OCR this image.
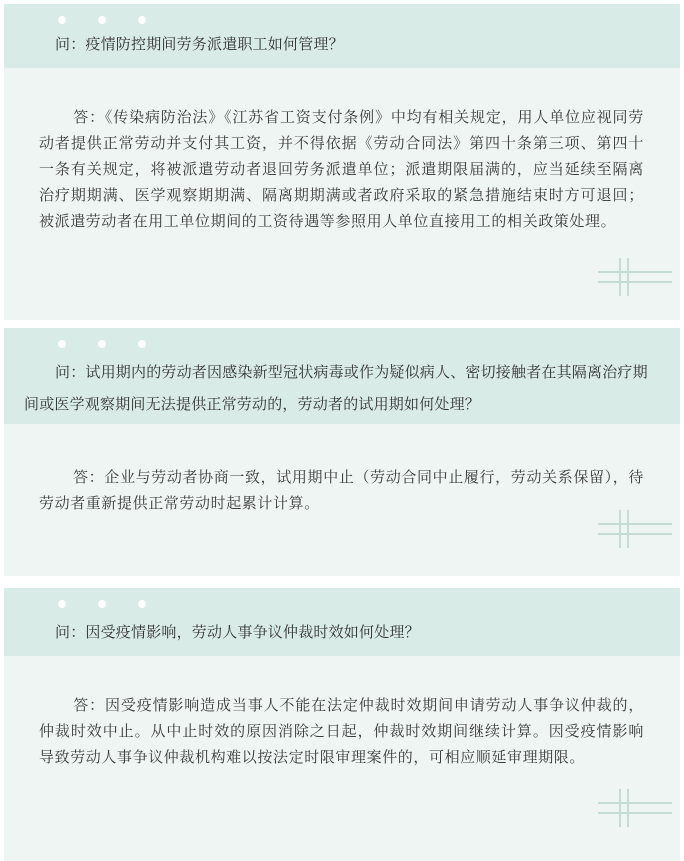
问：疫情防控期间劳务派遣职工如何管理？
答：《传染病防治法》《江苏省工资支付条例》中均有相关规定，用人单位应视同劳动者提供正常劳动并支付其工资，并不得依据《劳动合同法》第四十条第三项、第四十一条有关规定，将被派遣劳动者退回劳务派遣单位；派遣期限届满的，应当延续至隔离治疗期期满、医学观察期期满、隔离期期满或者政府采取的紧急措施结束时方可退回；被派遣劳动者在用工单位期间的工资待遇等参照用人单位直接用工的相关政策处理。
问：试用期内的劳动者因感染新型冠状病毒或作为疑似病人、密切接触者在其隔离治疗期间或医学观察期间无法提供正常劳动的，劳动者的试用期如何处理？
答：企业与劳动者协商一致，试用期中止（劳动合同中止履行，劳动关系保留），待劳动者重新提供正常劳动时起累计计算。
问：因受疫情影响，劳动人事争议仲裁时效如何处理？
答：因受疫情影响造成当事人不能在法定仲裁时效期间申请劳动人事争议仲裁的，仲裁时效中止。从中止时效的原因消除之日起，仲裁时效期间继续计算。因受疫情影响导致劳动人事争议仲裁机构难以按法定时限审理案件的，可相应顺延审理期限。
